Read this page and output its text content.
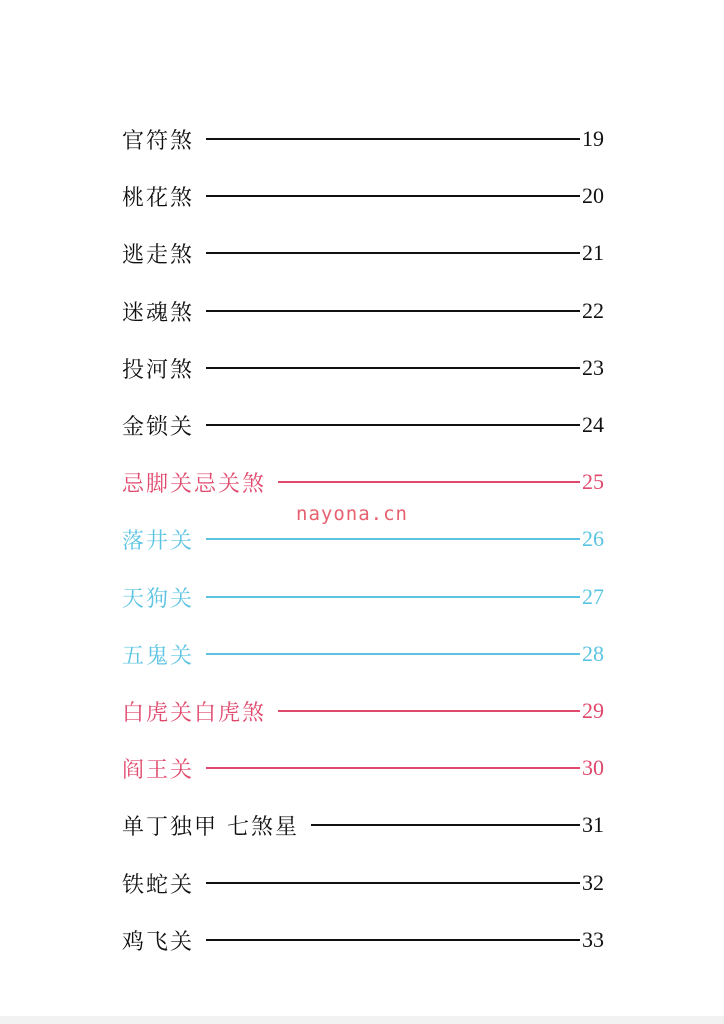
官符煞	19
桃花煞	20
逃走煞	21
迷魂煞	22
投河煞	23
金锁关	24
忌脚关忌关煞	25
落井关	26
天狗关	27
五鬼关	28
白虎关白虎煞	29
阎王关	30
单丁独甲 七煞星	31
铁蛇关	32
鸡飞关	33
nayona.cn
